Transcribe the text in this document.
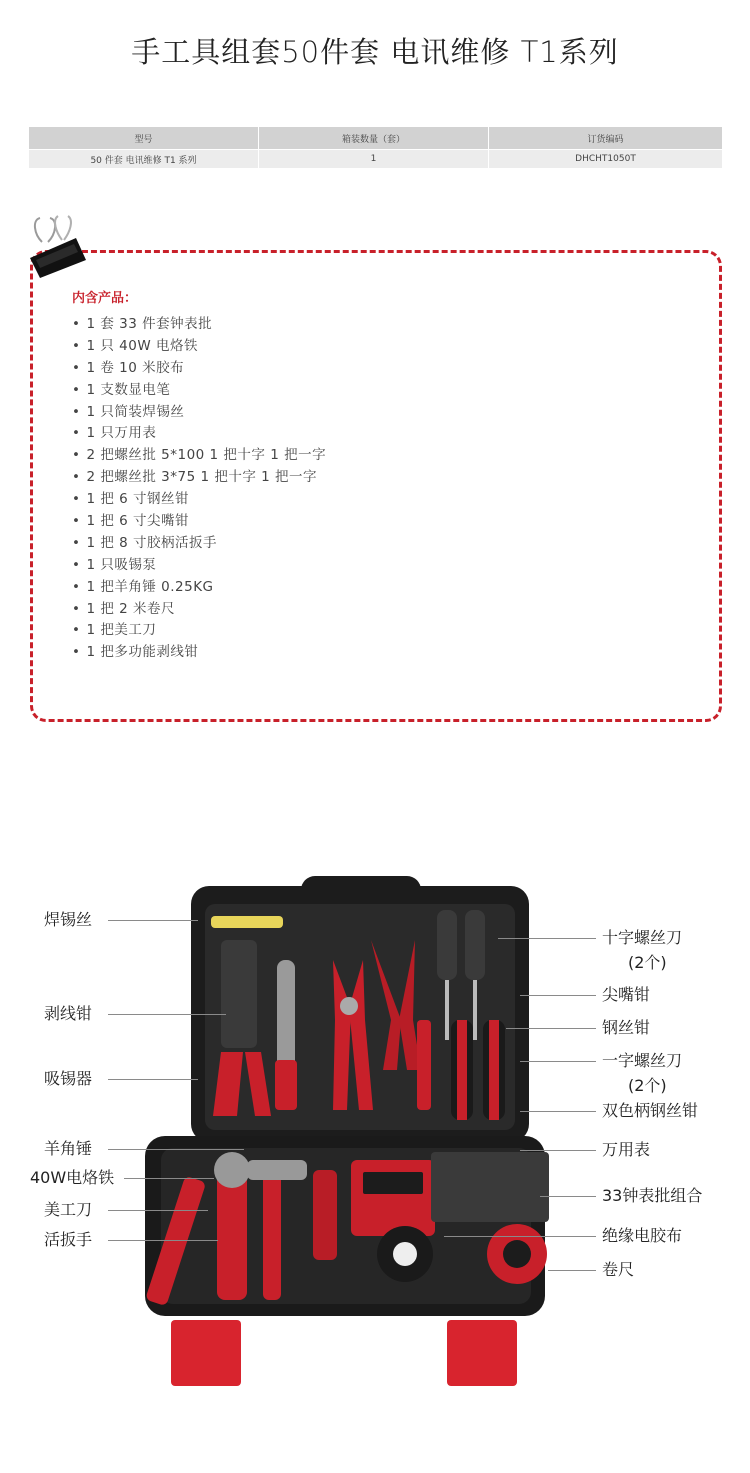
手工具组套50件套 电讯维修 T1系列
型号	箱装数量（套）	订货编码
50 件套 电讯维修 T1 系列	1	DHCHT1050T
内含产品：
• 1 套 33 件套钟表批
• 1 只 40W 电烙铁
• 1 卷 10 米胶布
• 1 支数显电笔
• 1 只简装焊锡丝
• 1 只万用表
• 2 把螺丝批 5*100 1 把十字 1 把一字
• 2 把螺丝批 3*75 1 把十字 1 把一字
• 1 把 6 寸钢丝钳
• 1 把 6 寸尖嘴钳
• 1 把 8 寸胶柄活扳手
• 1 只吸锡泵
• 1 把羊角锤 0.25KG
• 1 把 2 米卷尺
• 1 把美工刀
• 1 把多功能剥线钳
焊锡丝
剥线钳
吸锡器
羊角锤
40W电烙铁
美工刀
活扳手
十字螺丝刀
(2个)
尖嘴钳
钢丝钳
一字螺丝刀
(2个)
双色柄钢丝钳
万用表
33钟表批组合
绝缘电胶布
卷尺
